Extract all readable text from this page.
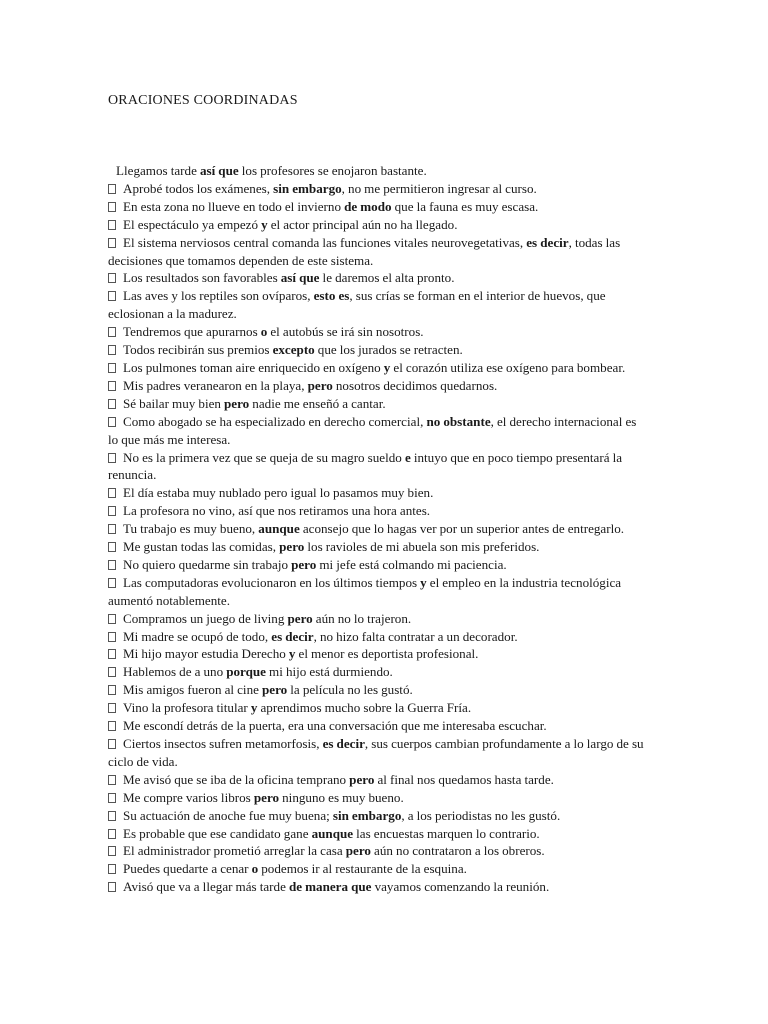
ORACIONES COORDINADAS
Llegamos tarde así que los profesores se enojaron bastante.
Aprobé todos los exámenes, sin embargo, no me permitieron ingresar al curso.
En esta zona no llueve en todo el invierno de modo que la fauna es muy escasa.
El espectáculo ya empezó y el actor principal aún no ha llegado.
El sistema nerviosos central comanda las funciones vitales neurovegetativas, es decir, todas las decisiones que tomamos dependen de este sistema.
Los resultados son favorables así que le daremos el alta pronto.
Las aves y los reptiles son ovíparos, esto es, sus crías se forman en el interior de huevos, que eclosionan a la madurez.
Tendremos que apurarnos o el autobús se irá sin nosotros.
Todos recibirán sus premios excepto que los jurados se retracten.
Los pulmones toman aire enriquecido en oxígeno y el corazón utiliza ese oxígeno para bombear.
Mis padres veranearon en la playa, pero nosotros decidimos quedarnos.
Sé bailar muy bien pero nadie me enseñó a cantar.
Como abogado se ha especializado en derecho comercial, no obstante, el derecho internacional es lo que más me interesa.
No es la primera vez que se queja de su magro sueldo e intuyo que en poco tiempo presentará la renuncia.
El día estaba muy nublado pero igual lo pasamos muy bien.
La profesora no vino, así que nos retiramos una hora antes.
Tu trabajo es muy bueno, aunque aconsejo que lo hagas ver por un superior antes de entregarlo.
Me gustan todas las comidas, pero los ravioles de mi abuela son mis preferidos.
No quiero quedarme sin trabajo pero mi jefe está colmando mi paciencia.
Las computadoras evolucionaron en los últimos tiempos y el empleo en la industria tecnológica aumentó notablemente.
Compramos un juego de living pero aún no lo trajeron.
Mi madre se ocupó de todo, es decir, no hizo falta contratar a un decorador.
Mi hijo mayor estudia Derecho y el menor es deportista profesional.
Hablemos de a uno porque mi hijo está durmiendo.
Mis amigos fueron al cine pero la película no les gustó.
Vino la profesora titular y aprendimos mucho sobre la Guerra Fría.
Me escondí detrás de la puerta, era una conversación que me interesaba escuchar.
Ciertos insectos sufren metamorfosis, es decir, sus cuerpos cambian profundamente a lo largo de su ciclo de vida.
Me avisó que se iba de la oficina temprano pero al final nos quedamos hasta tarde.
Me compre varios libros pero ninguno es muy bueno.
Su actuación de anoche fue muy buena; sin embargo, a los periodistas no les gustó.
Es probable que ese candidato gane aunque las encuestas marquen lo contrario.
El administrador prometió arreglar la casa pero aún no contrataron a los obreros.
Puedes quedarte a cenar o podemos ir al restaurante de la esquina.
Avisó que va a llegar más tarde de manera que vayamos comenzando la reunión.
